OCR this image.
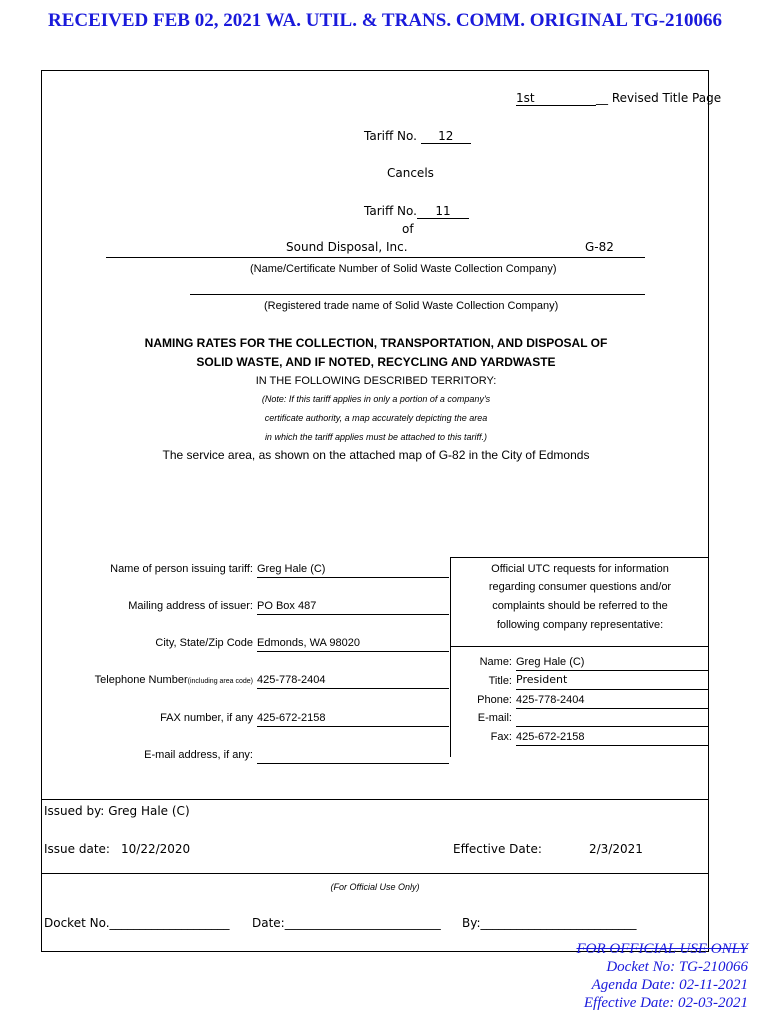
RECEIVED FEB 02, 2021 WA. UTIL. & TRANS. COMM. ORIGINAL TG-210066
1st	__ Revised Title Page
Tariff No. 12
Cancels
Tariff No. 11
of
Sound Disposal, Inc.	G-82
(Name/Certificate Number of Solid Waste Collection Company)
(Registered trade name of Solid Waste Collection Company)
NAMING RATES FOR THE COLLECTION, TRANSPORTATION, AND DISPOSAL OF
SOLID WASTE, AND IF NOTED, RECYCLING AND YARDWASTE
IN THE FOLLOWING DESCRIBED TERRITORY:
(Note: If this tariff applies in only a portion of a company's
certificate authority, a map accurately depicting the area
in which the tariff applies must be attached to this tariff.)
The service area, as shown on the attached map of G-82 in the City of Edmonds
Name of person issuing tariff: Greg Hale (C)
Mailing address of issuer: PO Box 487
City, State/Zip Code Edmonds, WA 98020
Telephone Number(including area code) 425-778-2404
FAX number, if any 425-672-2158
E-mail address, if any:
Official UTC requests for information
regarding consumer questions and/or
complaints should be referred to the
following company representative:
Name: Greg Hale (C)
Title: President
Phone: 425-778-2404
E-mail:
Fax: 425-672-2158
Issued by: Greg Hale (C)
Issue date: 10/22/2020	Effective Date:	2/3/2021
(For Official Use Only)
Docket No.____________________ Date:__________________________ By:__________________________
FOR OFFICIAL USE ONLY
Docket No: TG-210066
Agenda Date: 02-11-2021
Effective Date: 02-03-2021
